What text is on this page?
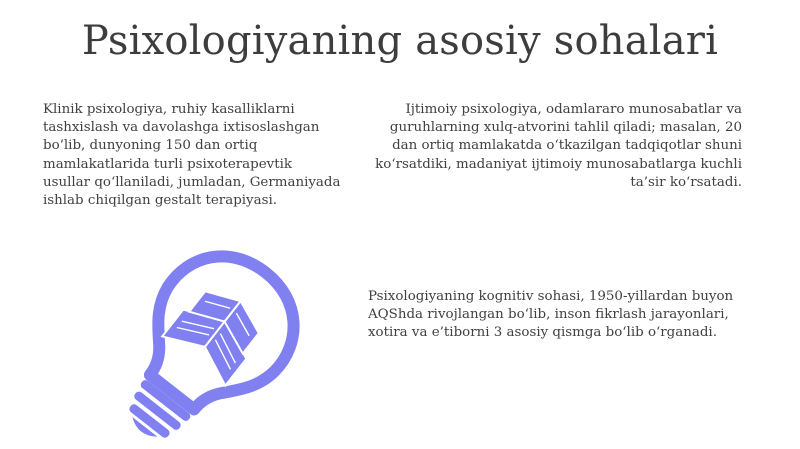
Psixologiyaning asosiy sohalari

Klinik psixologiya, ruhiy kasalliklarni tashxislash va davolashga ixtisoslashgan bo‘lib, dunyoning 150 dan ortiq mamlakatlarida turli psixoterapevtik usullar qo‘llaniladi, jumladan, Germaniyada ishlab chiqilgan gestalt terapiyasi.

Ijtimoiy psixologiya, odamlararo munosabatlar va guruhlarning xulq-atvorini tahlil qiladi; masalan, 20 dan ortiq mamlakatda o‘tkazilgan tadqiqotlar shuni ko‘rsatdiki, madaniyat ijtimoiy munosabatlarga kuchli ta’sir ko‘rsatadi.

Psixologiyaning kognitiv sohasi, 1950-yillardan buyon AQShda rivojlangan bo‘lib, inson fikrlash jarayonlari, xotira va e’tiborni 3 asosiy qismga bo‘lib o‘rganadi.
